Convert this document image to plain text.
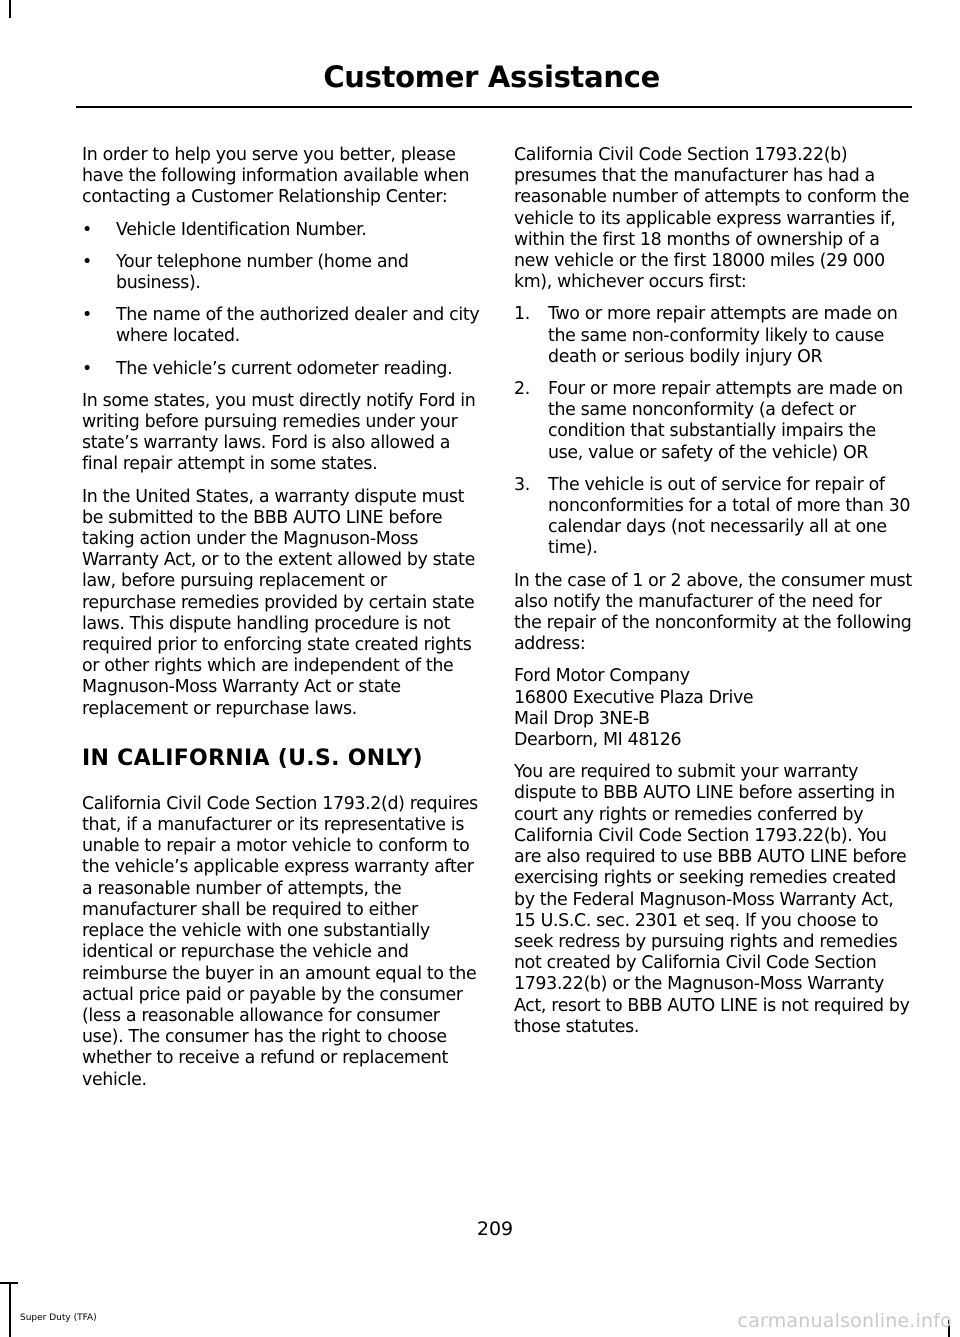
Customer Assistance

In order to help you serve you better, please have the following information available when contacting a Customer Relationship Center:

• Vehicle Identification Number.
• Your telephone number (home and business).
• The name of the authorized dealer and city where located.
• The vehicle’s current odometer reading.

In some states, you must directly notify Ford in writing before pursuing remedies under your state’s warranty laws. Ford is also allowed a final repair attempt in some states.

In the United States, a warranty dispute must be submitted to the BBB AUTO LINE before taking action under the Magnuson-Moss Warranty Act, or to the extent allowed by state law, before pursuing replacement or repurchase remedies provided by certain state laws. This dispute handling procedure is not required prior to enforcing state created rights or other rights which are independent of the Magnuson-Moss Warranty Act or state replacement or repurchase laws.

IN CALIFORNIA (U.S. ONLY)

California Civil Code Section 1793.2(d) requires that, if a manufacturer or its representative is unable to repair a motor vehicle to conform to the vehicle’s applicable express warranty after a reasonable number of attempts, the manufacturer shall be required to either replace the vehicle with one substantially identical or repurchase the vehicle and reimburse the buyer in an amount equal to the actual price paid or payable by the consumer (less a reasonable allowance for consumer use). The consumer has the right to choose whether to receive a refund or replacement vehicle.

California Civil Code Section 1793.22(b) presumes that the manufacturer has had a reasonable number of attempts to conform the vehicle to its applicable express warranties if, within the first 18 months of ownership of a new vehicle or the first 18000 miles (29 000 km), whichever occurs first:

1. Two or more repair attempts are made on the same non-conformity likely to cause death or serious bodily injury OR
2. Four or more repair attempts are made on the same nonconformity (a defect or condition that substantially impairs the use, value or safety of the vehicle) OR
3. The vehicle is out of service for repair of nonconformities for a total of more than 30 calendar days (not necessarily all at one time).

In the case of 1 or 2 above, the consumer must also notify the manufacturer of the need for the repair of the nonconformity at the following address:

Ford Motor Company
16800 Executive Plaza Drive
Mail Drop 3NE-B
Dearborn, MI 48126

You are required to submit your warranty dispute to BBB AUTO LINE before asserting in court any rights or remedies conferred by California Civil Code Section 1793.22(b). You are also required to use BBB AUTO LINE before exercising rights or seeking remedies created by the Federal Magnuson-Moss Warranty Act, 15 U.S.C. sec. 2301 et seq. If you choose to seek redress by pursuing rights and remedies not created by California Civil Code Section 1793.22(b) or the Magnuson-Moss Warranty Act, resort to BBB AUTO LINE is not required by those statutes.

209
Super Duty (TFA)	carmanualsonline.info
